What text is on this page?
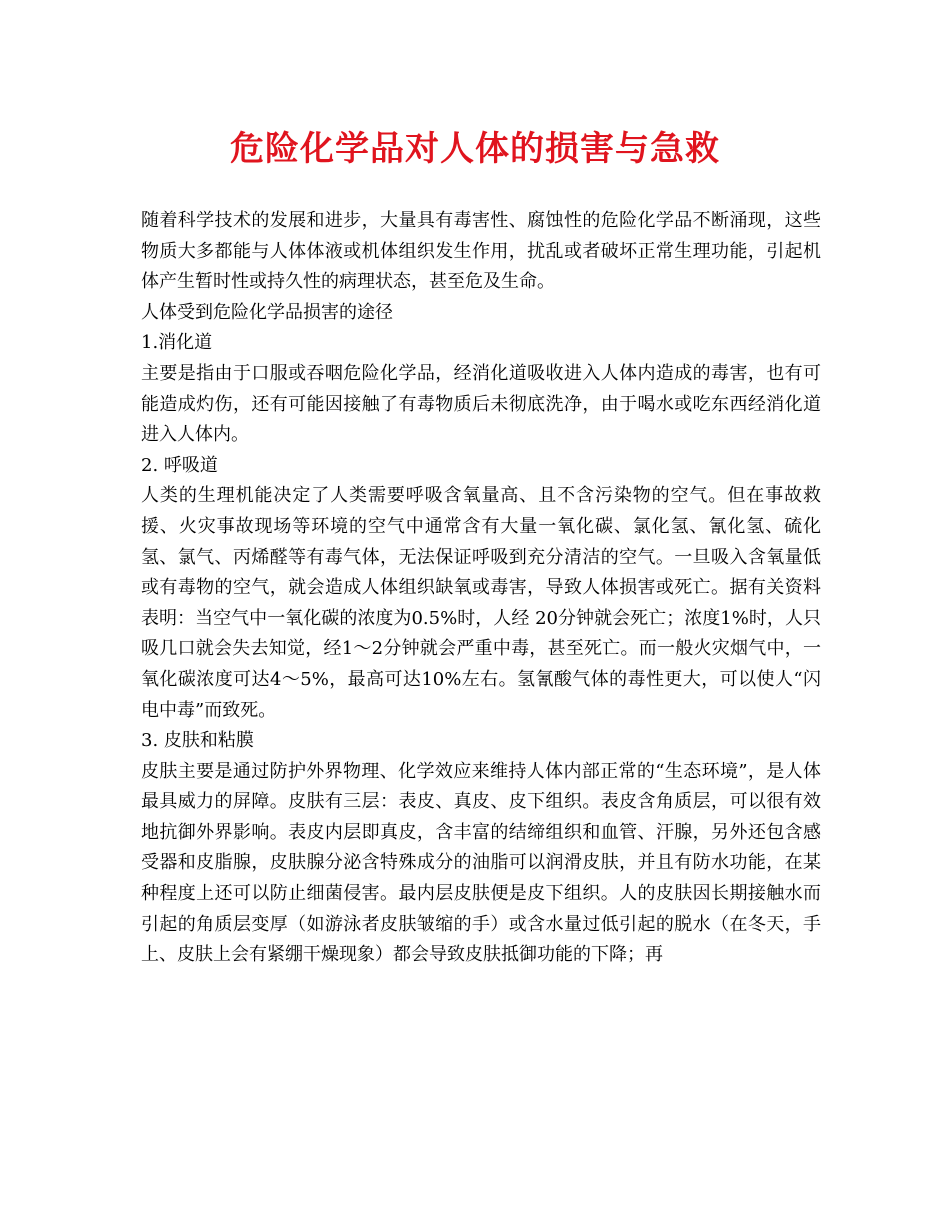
危险化学品对人体的损害与急救

随着科学技术的发展和进步，大量具有毒害性、腐蚀性的危险化学品不断涌现，这些物质大多都能与人体体液或机体组织发生作用，扰乱或者破坏正常生理功能，引起机体产生暂时性或持久性的病理状态，甚至危及生命。

人体受到危险化学品损害的途径

1.消化道

主要是指由于口服或吞咽危险化学品，经消化道吸收进入人体内造成的毒害，也有可能造成灼伤，还有可能因接触了有毒物质后未彻底洗净，由于喝水或吃东西经消化道进入人体内。

2. 呼吸道

人类的生理机能决定了人类需要呼吸含氧量高、且不含污染物的空气。但在事故救援、火灾事故现场等环境的空气中通常含有大量一氧化碳、氯化氢、氰化氢、硫化氢、氯气、丙烯醛等有毒气体，无法保证呼吸到充分清洁的空气。一旦吸入含氧量低或有毒物的空气，就会造成人体组织缺氧或毒害，导致人体损害或死亡。据有关资料表明：当空气中一氧化碳的浓度为0.5%时，人经 20分钟就会死亡；浓度1%时，人只吸几口就会失去知觉，经1～2分钟就会严重中毒，甚至死亡。而一般火灾烟气中，一氧化碳浓度可达4～5%，最高可达10%左右。氢氰酸气体的毒性更大，可以使人“闪电中毒”而致死。

3. 皮肤和粘膜

皮肤主要是通过防护外界物理、化学效应来维持人体内部正常的“生态环境”，是人体最具威力的屏障。皮肤有三层：表皮、真皮、皮下组织。表皮含角质层，可以很有效地抗御外界影响。表皮内层即真皮，含丰富的结缔组织和血管、汗腺，另外还包含感受器和皮脂腺，皮肤腺分泌含特殊成分的油脂可以润滑皮肤，并且有防水功能，在某种程度上还可以防止细菌侵害。最内层皮肤便是皮下组织。人的皮肤因长期接触水而引起的角质层变厚（如游泳者皮肤皱缩的手）或含水量过低引起的脱水（在冬天，手上、皮肤上会有紧绷干燥现象）都会导致皮肤抵御功能的下降；再
